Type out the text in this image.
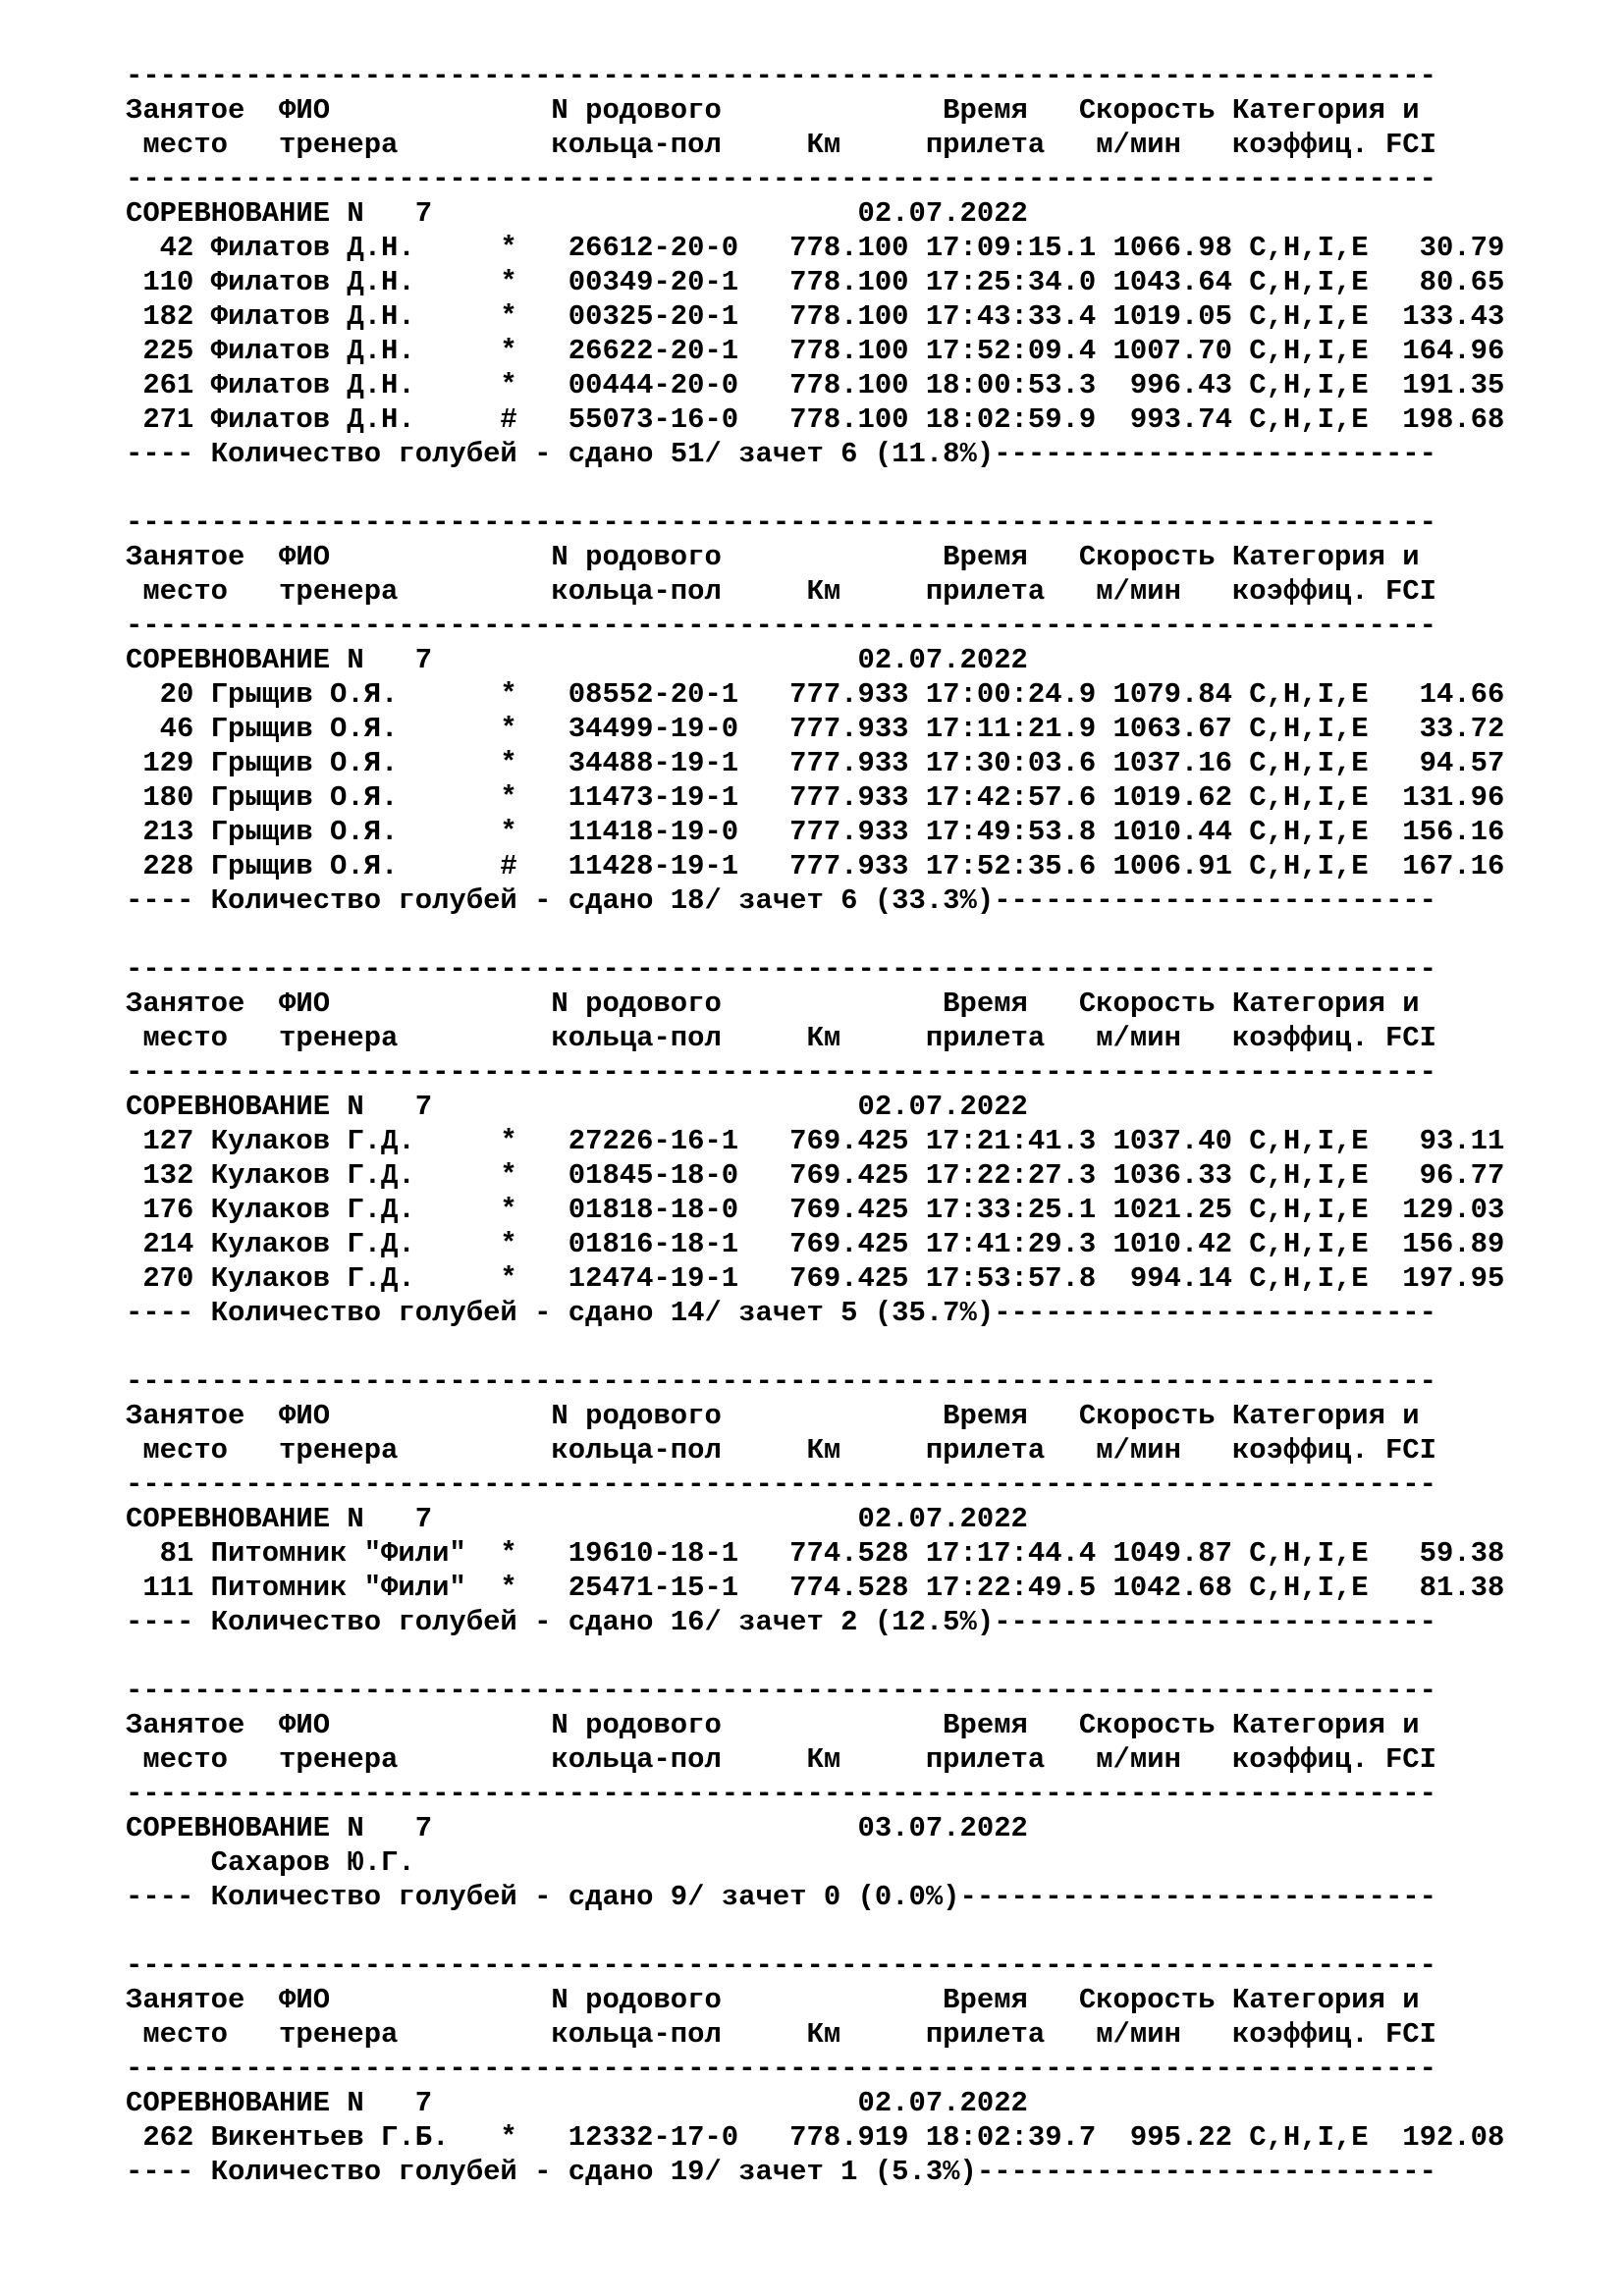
-----------------------------------------------------------------------------
Занятое  ФИО             N родового             Время   Скорость Категория и
место   тренера         кольца-пол     Км     прилета   м/мин   коэффиц. FCI
-----------------------------------------------------------------------------
СОРЕВНОВАНИЕ N   7                         02.07.2022
42 Филатов Д.Н.     *   26612-20-0   778.100 17:09:15.1 1066.98 C,H,I,E   30.79
110 Филатов Д.Н.     *   00349-20-1   778.100 17:25:34.0 1043.64 C,H,I,E   80.65
182 Филатов Д.Н.     *   00325-20-1   778.100 17:43:33.4 1019.05 C,H,I,E  133.43
225 Филатов Д.Н.     *   26622-20-1   778.100 17:52:09.4 1007.70 C,H,I,E  164.96
261 Филатов Д.Н.     *   00444-20-0   778.100 18:00:53.3  996.43 C,H,I,E  191.35
271 Филатов Д.Н.     #   55073-16-0   778.100 18:02:59.9  993.74 C,H,I,E  198.68
---- Количество голубей - сдано 51/ зачет 6 (11.8%)--------------------------
-----------------------------------------------------------------------------
Занятое  ФИО             N родового             Время   Скорость Категория и
место   тренера         кольца-пол     Км     прилета   м/мин   коэффиц. FCI
-----------------------------------------------------------------------------
СОРЕВНОВАНИЕ N   7                         02.07.2022
20 Грыщив О.Я.      *   08552-20-1   777.933 17:00:24.9 1079.84 C,H,I,E   14.66
46 Грыщив О.Я.      *   34499-19-0   777.933 17:11:21.9 1063.67 C,H,I,E   33.72
129 Грыщив О.Я.      *   34488-19-1   777.933 17:30:03.6 1037.16 C,H,I,E   94.57
180 Грыщив О.Я.      *   11473-19-1   777.933 17:42:57.6 1019.62 C,H,I,E  131.96
213 Грыщив О.Я.      *   11418-19-0   777.933 17:49:53.8 1010.44 C,H,I,E  156.16
228 Грыщив О.Я.      #   11428-19-1   777.933 17:52:35.6 1006.91 C,H,I,E  167.16
---- Количество голубей - сдано 18/ зачет 6 (33.3%)--------------------------
-----------------------------------------------------------------------------
Занятое  ФИО             N родового             Время   Скорость Категория и
место   тренера         кольца-пол     Км     прилета   м/мин   коэффиц. FCI
-----------------------------------------------------------------------------
СОРЕВНОВАНИЕ N   7                         02.07.2022
127 Кулаков Г.Д.     *   27226-16-1   769.425 17:21:41.3 1037.40 C,H,I,E   93.11
132 Кулаков Г.Д.     *   01845-18-0   769.425 17:22:27.3 1036.33 C,H,I,E   96.77
176 Кулаков Г.Д.     *   01818-18-0   769.425 17:33:25.1 1021.25 C,H,I,E  129.03
214 Кулаков Г.Д.     *   01816-18-1   769.425 17:41:29.3 1010.42 C,H,I,E  156.89
270 Кулаков Г.Д.     *   12474-19-1   769.425 17:53:57.8  994.14 C,H,I,E  197.95
---- Количество голубей - сдано 14/ зачет 5 (35.7%)--------------------------
-----------------------------------------------------------------------------
Занятое  ФИО             N родового             Время   Скорость Категория и
место   тренера         кольца-пол     Км     прилета   м/мин   коэффиц. FCI
-----------------------------------------------------------------------------
СОРЕВНОВАНИЕ N   7                         02.07.2022
81 Питомник "Фили"  *   19610-18-1   774.528 17:17:44.4 1049.87 C,H,I,E   59.38
111 Питомник "Фили"  *   25471-15-1   774.528 17:22:49.5 1042.68 C,H,I,E   81.38
---- Количество голубей - сдано 16/ зачет 2 (12.5%)--------------------------
-----------------------------------------------------------------------------
Занятое  ФИО             N родового             Время   Скорость Категория и
место   тренера         кольца-пол     Км     прилета   м/мин   коэффиц. FCI
-----------------------------------------------------------------------------
СОРЕВНОВАНИЕ N   7                         03.07.2022
Сахаров Ю.Г.
---- Количество голубей - сдано 9/ зачет 0 (0.0%)----------------------------
-----------------------------------------------------------------------------
Занятое  ФИО             N родового             Время   Скорость Категория и
место   тренера         кольца-пол     Км     прилета   м/мин   коэффиц. FCI
-----------------------------------------------------------------------------
СОРЕВНОВАНИЕ N   7                         02.07.2022
262 Викентьев Г.Б.   *   12332-17-0   778.919 18:02:39.7  995.22 C,H,I,E  192.08
---- Количество голубей - сдано 19/ зачет 1 (5.3%)---------------------------
